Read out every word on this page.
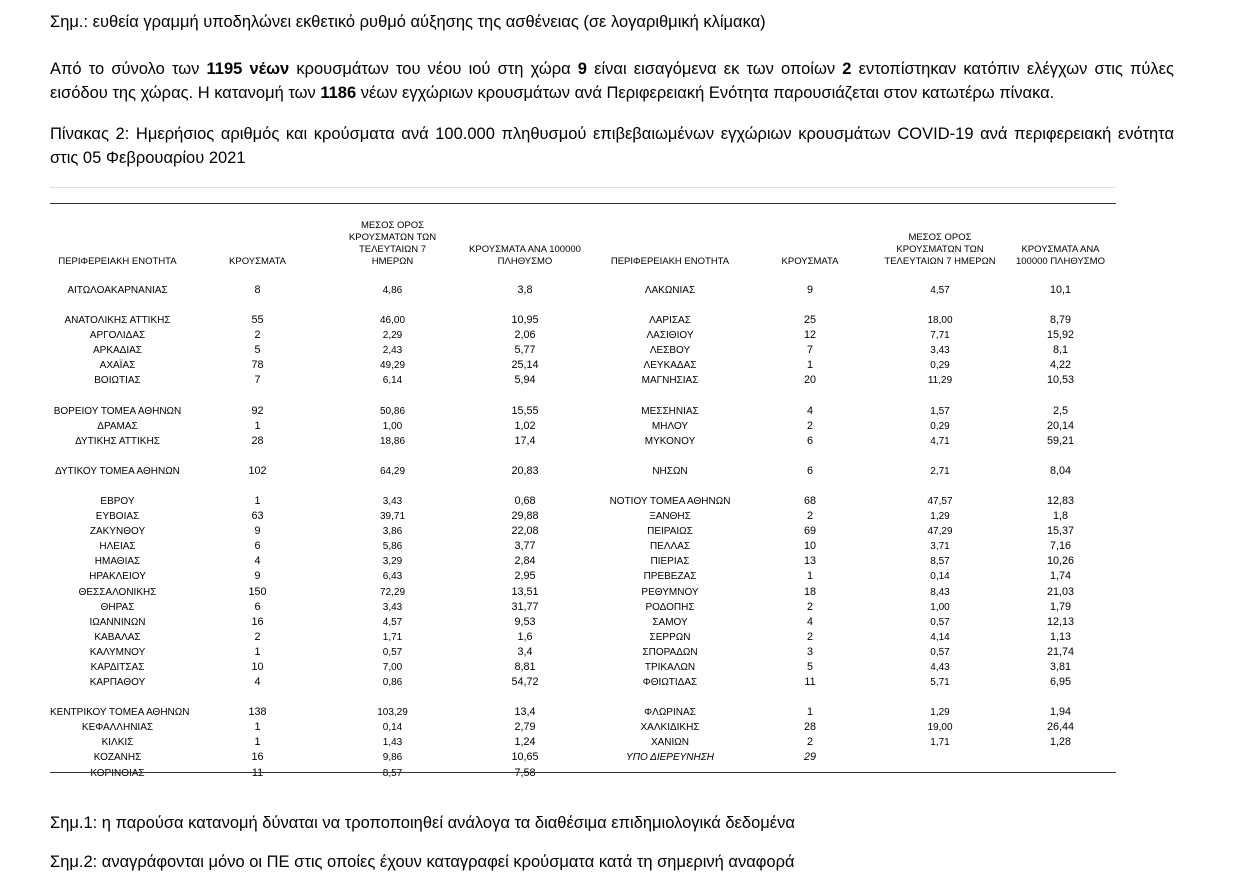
Σημ.: ευθεία γραμμή υποδηλώνει εκθετικό ρυθμό αύξησης της ασθένειας (σε λογαριθμική κλίμακα)
Από το σύνολο των 1195 νέων κρουσμάτων του νέου ιού στη χώρα 9 είναι εισαγόμενα εκ των οποίων 2 εντοπίστηκαν κατόπιν ελέγχων στις πύλες εισόδου της χώρας. Η κατανομή των 1186 νέων εγχώριων κρουσμάτων ανά Περιφερειακή Ενότητα παρουσιάζεται στον κατωτέρω πίνακα.
Πίνακας 2: Ημερήσιος αριθμός και κρούσματα ανά 100.000 πληθυσμού επιβεβαιωμένων εγχώριων κρουσμάτων COVID-19 ανά περιφερειακή ενότητα στις 05 Φεβρουαρίου 2021
ΠΕΡΙΦΕΡΕΙΑΚΗ ΕΝΟΤΗΤΑ	ΚΡΟΥΣΜΑΤΑ	ΜΕΣΟΣ ΟΡΟΣ ΚΡΟΥΣΜΑΤΩΝ ΤΩΝ ΤΕΛΕΥΤΑΙΩΝ 7 ΗΜΕΡΩΝ	ΚΡΟΥΣΜΑΤΑ ΑΝΑ 100000 ΠΛΗΘΥΣΜΟ	ΠΕΡΙΦΕΡΕΙΑΚΗ ΕΝΟΤΗΤΑ	ΚΡΟΥΣΜΑΤΑ	ΜΕΣΟΣ ΟΡΟΣ ΚΡΟΥΣΜΑΤΩΝ ΤΩΝ ΤΕΛΕΥΤΑΙΩΝ 7 ΗΜΕΡΩΝ	ΚΡΟΥΣΜΑΤΑ ΑΝΑ 100000 ΠΛΗΘΥΣΜΟ

ΑΙΤΩΛΟΑΚΑΡΝΑΝΙΑΣ	8	4,86	3,8	ΛΑΚΩΝΙΑΣ	9	4,57	10,1

ΑΝΑΤΟΛΙΚΗΣ ΑΤΤΙΚΗΣ	55	46,00	10,95	ΛΑΡΙΣΑΣ	25	18,00	8,79
ΑΡΓΟΛΙΔΑΣ	2	2,29	2,06	ΛΑΣΙΘΙΟΥ	12	7,71	15,92
ΑΡΚΑΔΙΑΣ	5	2,43	5,77	ΛΕΣΒΟΥ	7	3,43	8,1
ΑΧΑΪΑΣ	78	49,29	25,14	ΛΕΥΚΑΔΑΣ	1	0,29	4,22
ΒΟΙΩΤΙΑΣ	7	6,14	5,94	ΜΑΓΝΗΣΙΑΣ	20	11,29	10,53

ΒΟΡΕΙΟΥ ΤΟΜΕΑ ΑΘΗΝΩΝ	92	50,86	15,55	ΜΕΣΣΗΝΙΑΣ	4	1,57	2,5
ΔΡΑΜΑΣ	1	1,00	1,02	ΜΗΛΟΥ	2	0,29	20,14
ΔΥΤΙΚΗΣ ΑΤΤΙΚΗΣ	28	18,86	17,4	ΜΥΚΟΝΟΥ	6	4,71	59,21

ΔΥΤΙΚΟΥ ΤΟΜΕΑ ΑΘΗΝΩΝ	102	64,29	20,83	ΝΗΣΩΝ	6	2,71	8,04

ΕΒΡΟΥ	1	3,43	0,68	ΝΟΤΙΟΥ ΤΟΜΕΑ ΑΘΗΝΩΝ	68	47,57	12,83
ΕΥΒΟΙΑΣ	63	39,71	29,88	ΞΑΝΘΗΣ	2	1,29	1,8
ΖΑΚΥΝΘΟΥ	9	3,86	22,08	ΠΕΙΡΑΙΩΣ	69	47,29	15,37
ΗΛΕΙΑΣ	6	5,86	3,77	ΠΕΛΛΑΣ	10	3,71	7,16
ΗΜΑΘΙΑΣ	4	3,29	2,84	ΠΙΕΡΙΑΣ	13	8,57	10,26
ΗΡΑΚΛΕΙΟΥ	9	6,43	2,95	ΠΡΕΒΕΖΑΣ	1	0,14	1,74
ΘΕΣΣΑΛΟΝΙΚΗΣ	150	72,29	13,51	ΡΕΘΥΜΝΟΥ	18	8,43	21,03
ΘΗΡΑΣ	6	3,43	31,77	ΡΟΔΟΠΗΣ	2	1,00	1,79
ΙΩΑΝΝΙΝΩΝ	16	4,57	9,53	ΣΑΜΟΥ	4	0,57	12,13
ΚΑΒΑΛΑΣ	2	1,71	1,6	ΣΕΡΡΩΝ	2	4,14	1,13
ΚΑΛΥΜΝΟΥ	1	0,57	3,4	ΣΠΟΡΑΔΩΝ	3	0,57	21,74
ΚΑΡΔΙΤΣΑΣ	10	7,00	8,81	ΤΡΙΚΑΛΩΝ	5	4,43	3,81
ΚΑΡΠΑΘΟΥ	4	0,86	54,72	ΦΘΙΩΤΙΔΑΣ	11	5,71	6,95

ΚΕΝΤΡΙΚΟΥ ΤΟΜΕΑ ΑΘΗΝΩΝ	138	103,29	13,4	ΦΛΩΡΙΝΑΣ	1	1,29	1,94
ΚΕΦΑΛΛΗΝΙΑΣ	1	0,14	2,79	ΧΑΛΚΙΔΙΚΗΣ	28	19,00	26,44
ΚΙΛΚΙΣ	1	1,43	1,24	ΧΑΝΙΩΝ	2	1,71	1,28
ΚΟΖΑΝΗΣ	16	9,86	10,65	ΥΠΟ ΔΙΕΡΕΥΝΗΣΗ	29		
ΚΟΡΙΝΘΙΑΣ	11	8,57	7,58				
Σημ.1: η παρούσα κατανομή δύναται να τροποποιηθεί ανάλογα τα διαθέσιμα επιδημιολογικά δεδομένα
Σημ.2: αναγράφονται μόνο οι ΠΕ στις οποίες έχουν καταγραφεί κρούσματα κατά τη σημερινή αναφορά
